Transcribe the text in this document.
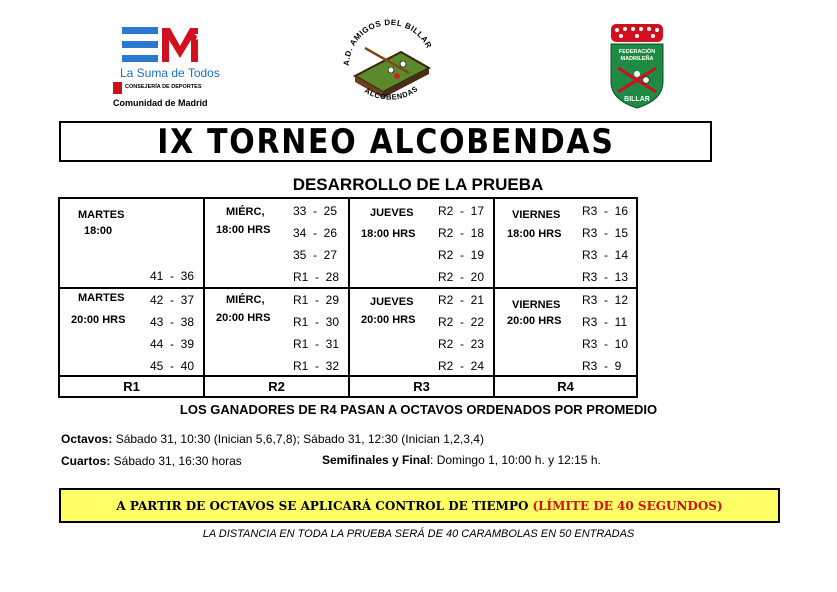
La Suma de Todos
CONSEJERÍA DE DEPORTES
Comunidad de Madrid
A.D. AMIGOS DEL BILLAR
ALCOBENDAS
FEDERACIÓN
MADRILEÑA
BILLAR
IX TORNEO ALCOBENDAS
DESARROLLO DE LA PRUEBA
MARTES
18:00
41  -  36
MARTES
20:00 HRS
42  -  37
43  -  38
44  -  39
45  -  40
R1
MIÉRC,
18:00 HRS
33  -  25
34  -  26
35  -  27
R1  -  28
MIÉRC,
20:00 HRS
R1  -  29
R1  -  30
R1  -  31
R1  -  32
R2
JUEVES
18:00 HRS
R2  -  17
R2  -  18
R2  -  19
R2  -  20
JUEVES
20:00 HRS
R2  -  21
R2  -  22
R2  -  23
R2  -  24
R3
VIERNES
18:00 HRS
R3  -  16
R3  -  15
R3  -  14
R3  -  13
VIERNES
20:00 HRS
R3  -  12
R3  -  11
R3  -  10
R3  -  9
R4
LOS GANADORES DE R4 PASAN A OCTAVOS ORDENADOS POR PROMEDIO
Octavos: Sábado 31, 10:30 (Inician 5,6,7,8); Sábado 31, 12:30 (Inician 1,2,3,4)
Cuartos: Sábado 31, 16:30 horas	Semifinales y Final: Domingo 1, 10:00 h. y 12:15 h.
A PARTIR DE OCTAVOS SE APLICARÁ CONTROL DE TIEMPO (LÍMITE DE 40 SEGUNDOS)
LA DISTANCIA EN TODA LA PRUEBA SERÁ DE 40 CARAMBOLAS EN 50 ENTRADAS
